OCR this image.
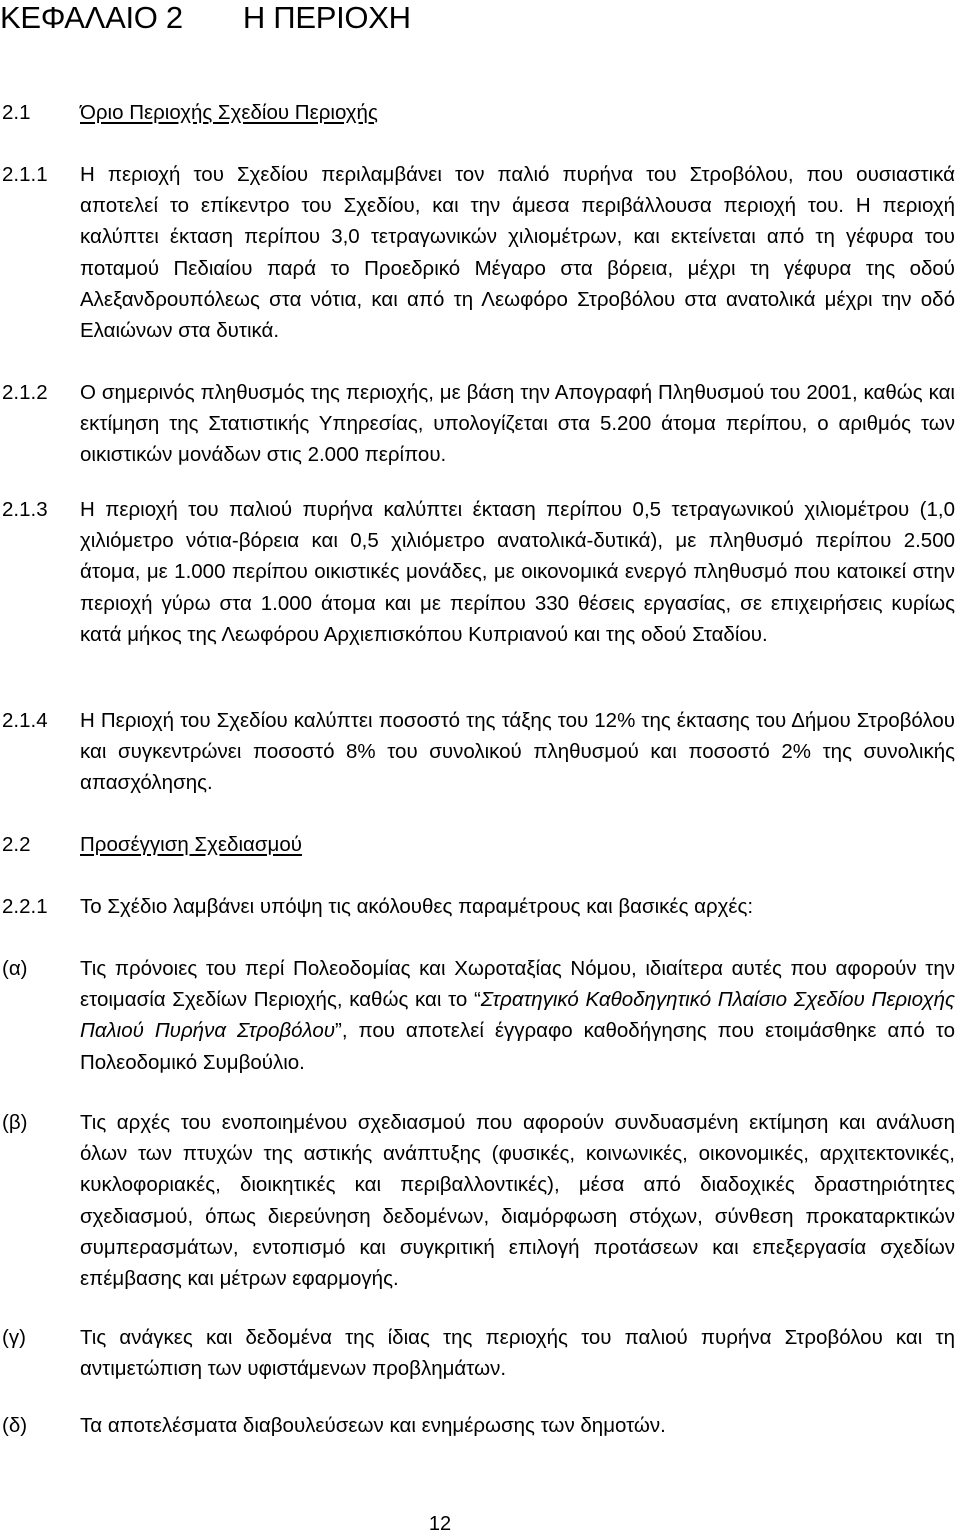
ΚΕΦΑΛΑΙΟ 2 Η ΠΕΡΙΟΧΗ
2.1 Όριο Περιοχής Σχεδίου Περιοχής
2.1.1 Η περιοχή του Σχεδίου περιλαμβάνει τον παλιό πυρήνα του Στροβόλου, που ουσιαστικά αποτελεί το επίκεντρο του Σχεδίου, και την άμεσα περιβάλλουσα περιοχή του. Η περιοχή καλύπτει έκταση περίπου 3,0 τετραγωνικών χιλιομέτρων, και εκτείνεται από τη γέφυρα του ποταμού Πεδιαίου παρά το Προεδρικό Μέγαρο στα βόρεια, μέχρι τη γέφυρα της οδού Αλεξανδρουπόλεως στα νότια, και από τη Λεωφόρο Στροβόλου στα ανατολικά μέχρι την οδό Ελαιώνων στα δυτικά.
2.1.2 Ο σημερινός πληθυσμός της περιοχής, με βάση την Απογραφή Πληθυσμού του 2001, καθώς και εκτίμηση της Στατιστικής Υπηρεσίας, υπολογίζεται στα 5.200 άτομα περίπου, ο αριθμός των οικιστικών μονάδων στις 2.000 περίπου.
2.1.3 Η περιοχή του παλιού πυρήνα καλύπτει έκταση περίπου 0,5 τετραγωνικού χιλιομέτρου (1,0 χιλιόμετρο νότια-βόρεια και 0,5 χιλιόμετρο ανατολικά-δυτικά), με πληθυσμό περίπου 2.500 άτομα, με 1.000 περίπου οικιστικές μονάδες, με οικονομικά ενεργό πληθυσμό που κατοικεί στην περιοχή γύρω στα 1.000 άτομα και με περίπου 330 θέσεις εργασίας, σε επιχειρήσεις κυρίως κατά μήκος της Λεωφόρου Αρχιεπισκόπου Κυπριανού και της οδού Σταδίου.
2.1.4 Η Περιοχή του Σχεδίου καλύπτει ποσοστό της τάξης του 12% της έκτασης του Δήμου Στροβόλου και συγκεντρώνει ποσοστό 8% του συνολικού πληθυσμού και ποσοστό 2% της συνολικής απασχόλησης.
2.2 Προσέγγιση Σχεδιασμού
2.2.1 Το Σχέδιο λαμβάνει υπόψη τις ακόλουθες παραμέτρους και βασικές αρχές:
(α)	Τις πρόνοιες του περί Πολεοδομίας και Χωροταξίας Νόμου, ιδιαίτερα αυτές που αφορούν την ετοιμασία Σχεδίων Περιοχής, καθώς και το “Στρατηγικό Καθοδηγητικό Πλαίσιο Σχεδίου Περιοχής Παλιού Πυρήνα Στροβόλου”, που αποτελεί έγγραφο καθοδήγησης που ετοιμάσθηκε από το Πολεοδομικό Συμβούλιο.
(β)	Τις αρχές του ενοποιημένου σχεδιασμού που αφορούν συνδυασμένη εκτίμηση και ανάλυση όλων των πτυχών της αστικής ανάπτυξης (φυσικές, κοινωνικές, οικονομικές, αρχιτεκτονικές, κυκλοφοριακές, διοικητικές και περιβαλλοντικές), μέσα από διαδοχικές δραστηριότητες σχεδιασμού, όπως διερεύνηση δεδομένων, διαμόρφωση στόχων, σύνθεση προκαταρκτικών συμπερασμάτων, εντοπισμό και συγκριτική επιλογή προτάσεων και επεξεργασία σχεδίων επέμβασης και μέτρων εφαρμογής.
(γ)	Τις ανάγκες και δεδομένα της ίδιας της περιοχής του παλιού πυρήνα Στροβόλου και τη αντιμετώπιση των υφιστάμενων προβλημάτων.
(δ)	Τα αποτελέσματα διαβουλεύσεων και ενημέρωσης των δημοτών.
12
